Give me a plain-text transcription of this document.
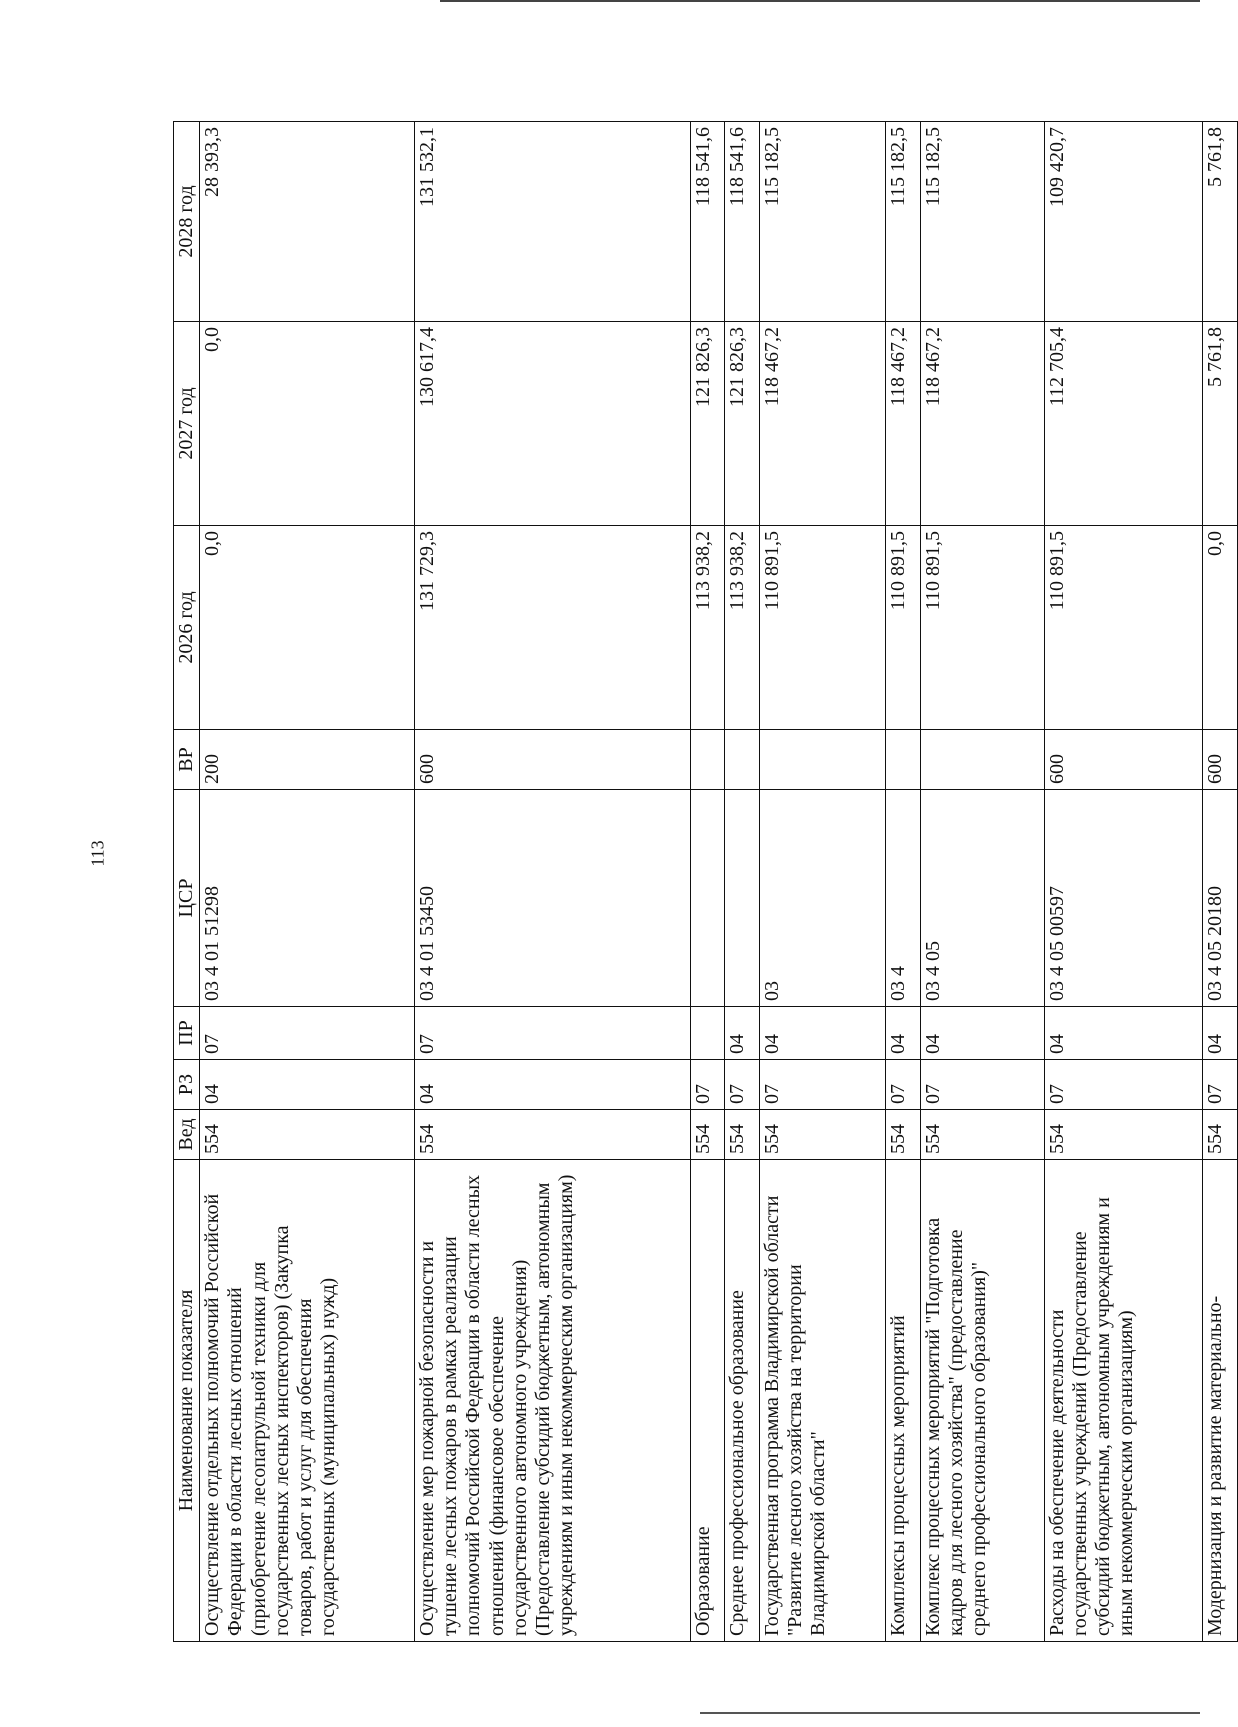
113
Наименование показателя	Вед	РЗ	ПР	ЦСР	ВР	2026 год	2027 год	2028 год
Осуществление отдельных полномочий Российской Федерации в области лесных отношений (приобретение лесопатрульной техники для государственных лесных инспекторов) (Закупка товаров, работ и услуг для обеспечения государственных (муниципальных) нужд)	554	04	07	03 4 01 51298	200	0,0	0,0	28 393,3
Осуществление мер пожарной безопасности и тушение лесных пожаров в рамках реализации полномочий Российской Федерации в области лесных отношений (финансовое обеспечение государственного автономного учреждения) (Предоставление субсидий бюджетным, автономным учреждениям и иным некоммерческим организациям)	554	04	07	03 4 01 53450	600	131 729,3	130 617,4	131 532,1
Образование	554	07				113 938,2	121 826,3	118 541,6
Среднее профессиональное образование	554	07	04			113 938,2	121 826,3	118 541,6
Государственная программа Владимирской области "Развитие лесного хозяйства на территории Владимирской области"	554	07	04	03		110 891,5	118 467,2	115 182,5
Комплексы процессных мероприятий	554	07	04	03 4		110 891,5	118 467,2	115 182,5
Комплекс процессных мероприятий "Подготовка кадров для лесного хозяйства" (предоставление среднего профессионального образования)"	554	07	04	03 4 05		110 891,5	118 467,2	115 182,5
Расходы на обеспечение деятельности государственных учреждений (Предоставление субсидий бюджетным, автономным учреждениям и иным некоммерческим организациям)	554	07	04	03 4 05 00597	600	110 891,5	112 705,4	109 420,7
Модернизация и развитие материально-	554	07	04	03 4 05 20180	600	0,0	5 761,8	5 761,8
